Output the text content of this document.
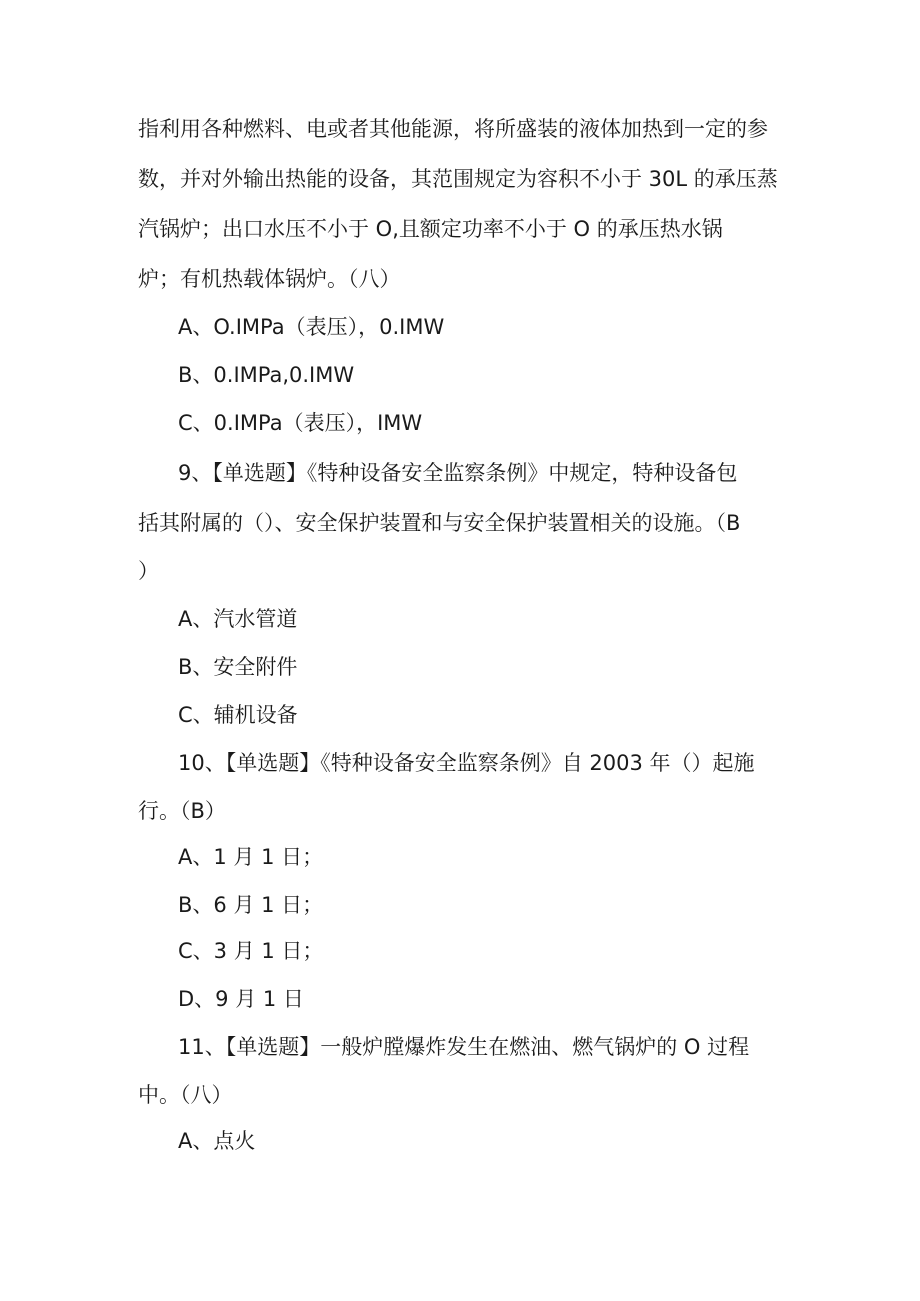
指利用各种燃料、电或者其他能源，将所盛装的液体加热到一定的参
数，并对外输出热能的设备，其范围规定为容积不小于 30L 的承压蒸
汽锅炉；出口水压不小于 O,且额定功率不小于 O 的承压热水锅
炉；有机热载体锅炉。（八）
A、O.IMPa（表压），0.IMW
B、0.IMPa,0.IMW
C、0.IMPa（表压），IMW
9、【单选题】《特种设备安全监察条例》中规定，特种设备包
括其附属的（）、安全保护装置和与安全保护装置相关的设施。（B
）
A、汽水管道
B、安全附件
C、辅机设备
10、【单选题】《特种设备安全监察条例》自 2003 年（）起施
行。（B）
A、1 月 1 日；
B、6 月 1 日；
C、3 月 1 日；
D、9 月 1 日
11、【单选题】一般炉膛爆炸发生在燃油、燃气锅炉的 O 过程
中。（八）
A、点火
